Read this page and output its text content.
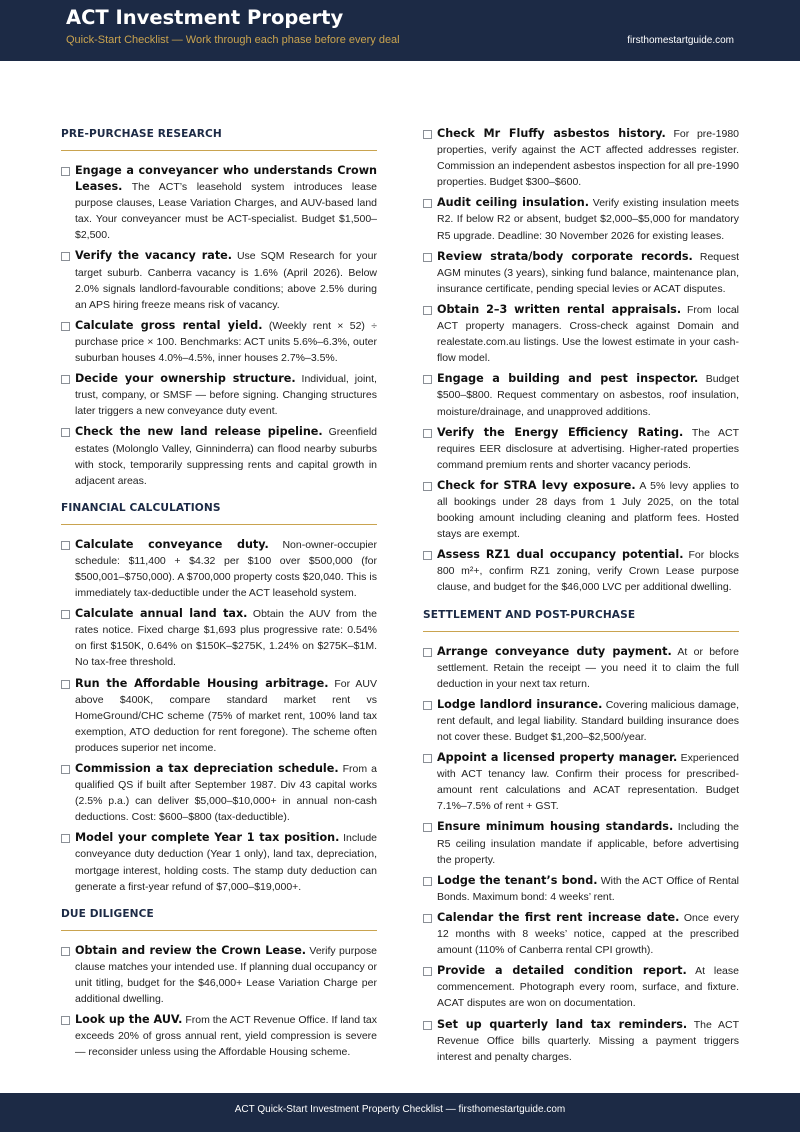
ACT Investment Property
Quick-Start Checklist — Work through each phase before every deal	firsthomestartguide.com
PRE-PURCHASE RESEARCH
Engage a conveyancer who understands Crown Leases. The ACT’s leasehold system introduces lease purpose clauses, Lease Variation Charges, and AUV-based land tax. Your conveyancer must be ACT-specialist. Budget $1,500–$2,500.
Verify the vacancy rate. Use SQM Research for your target suburb. Canberra vacancy is 1.6% (April 2026). Below 2.0% signals landlord-favourable conditions; above 2.5% during an APS hiring freeze means risk of vacancy.
Calculate gross rental yield. (Weekly rent × 52) ÷ purchase price × 100. Benchmarks: ACT units 5.6%–6.3%, outer suburban houses 4.0%–4.5%, inner houses 2.7%–3.5%.
Decide your ownership structure. Individual, joint, trust, company, or SMSF — before signing. Changing structures later triggers a new conveyance duty event.
Check the new land release pipeline. Greenfield estates (Molonglo Valley, Ginninderra) can flood nearby suburbs with stock, temporarily suppressing rents and capital growth in adjacent areas.
FINANCIAL CALCULATIONS
Calculate conveyance duty. Non-owner-occupier schedule: $11,400 + $4.32 per $100 over $500,000 (for $500,001–$750,000). A $700,000 property costs $20,040. This is immediately tax-deductible under the ACT leasehold system.
Calculate annual land tax. Obtain the AUV from the rates notice. Fixed charge $1,693 plus progressive rate: 0.54% on first $150K, 0.64% on $150K–$275K, 1.24% on $275K–$1M. No tax-free threshold.
Run the Affordable Housing arbitrage. For AUV above $400K, compare standard market rent vs HomeGround/CHC scheme (75% of market rent, 100% land tax exemption, ATO deduction for rent foregone). The scheme often produces superior net income.
Commission a tax depreciation schedule. From a qualified QS if built after September 1987. Div 43 capital works (2.5% p.a.) can deliver $5,000–$10,000+ in annual non-cash deductions. Cost: $600–$800 (tax-deductible).
Model your complete Year 1 tax position. Include conveyance duty deduction (Year 1 only), land tax, depreciation, mortgage interest, holding costs. The stamp duty deduction can generate a first-year refund of $7,000–$19,000+.
DUE DILIGENCE
Obtain and review the Crown Lease. Verify purpose clause matches your intended use. If planning dual occupancy or unit titling, budget for the $46,000+ Lease Variation Charge per additional dwelling.
Look up the AUV. From the ACT Revenue Office. If land tax exceeds 20% of gross annual rent, yield compression is severe — reconsider unless using the Affordable Housing scheme.
Check Mr Fluffy asbestos history. For pre-1980 properties, verify against the ACT affected addresses register. Commission an independent asbestos inspection for all pre-1990 properties. Budget $300–$600.
Audit ceiling insulation. Verify existing insulation meets R2. If below R2 or absent, budget $2,000–$5,000 for mandatory R5 upgrade. Deadline: 30 November 2026 for existing leases.
Review strata/body corporate records. Request AGM minutes (3 years), sinking fund balance, maintenance plan, insurance certificate, pending special levies or ACAT disputes.
Obtain 2–3 written rental appraisals. From local ACT property managers. Cross-check against Domain and realestate.com.au listings. Use the lowest estimate in your cash-flow model.
Engage a building and pest inspector. Budget $500–$800. Request commentary on asbestos, roof insulation, moisture/drainage, and unapproved additions.
Verify the Energy Efficiency Rating. The ACT requires EER disclosure at advertising. Higher-rated properties command premium rents and shorter vacancy periods.
Check for STRA levy exposure. A 5% levy applies to all bookings under 28 days from 1 July 2025, on the total booking amount including cleaning and platform fees. Hosted stays are exempt.
Assess RZ1 dual occupancy potential. For blocks 800 m²+, confirm RZ1 zoning, verify Crown Lease purpose clause, and budget for the $46,000 LVC per additional dwelling.
SETTLEMENT AND POST-PURCHASE
Arrange conveyance duty payment. At or before settlement. Retain the receipt — you need it to claim the full deduction in your next tax return.
Lodge landlord insurance. Covering malicious damage, rent default, and legal liability. Standard building insurance does not cover these. Budget $1,200–$2,500/year.
Appoint a licensed property manager. Experienced with ACT tenancy law. Confirm their process for prescribed-amount rent calculations and ACAT representation. Budget 7.1%–7.5% of rent + GST.
Ensure minimum housing standards. Including the R5 ceiling insulation mandate if applicable, before advertising the property.
Lodge the tenant’s bond. With the ACT Office of Rental Bonds. Maximum bond: 4 weeks’ rent.
Calendar the first rent increase date. Once every 12 months with 8 weeks’ notice, capped at the prescribed amount (110% of Canberra rental CPI growth).
Provide a detailed condition report. At lease commencement. Photograph every room, surface, and fixture. ACAT disputes are won on documentation.
Set up quarterly land tax reminders. The ACT Revenue Office bills quarterly. Missing a payment triggers interest and penalty charges.
ACT Quick-Start Investment Property Checklist — firsthomestartguide.com
